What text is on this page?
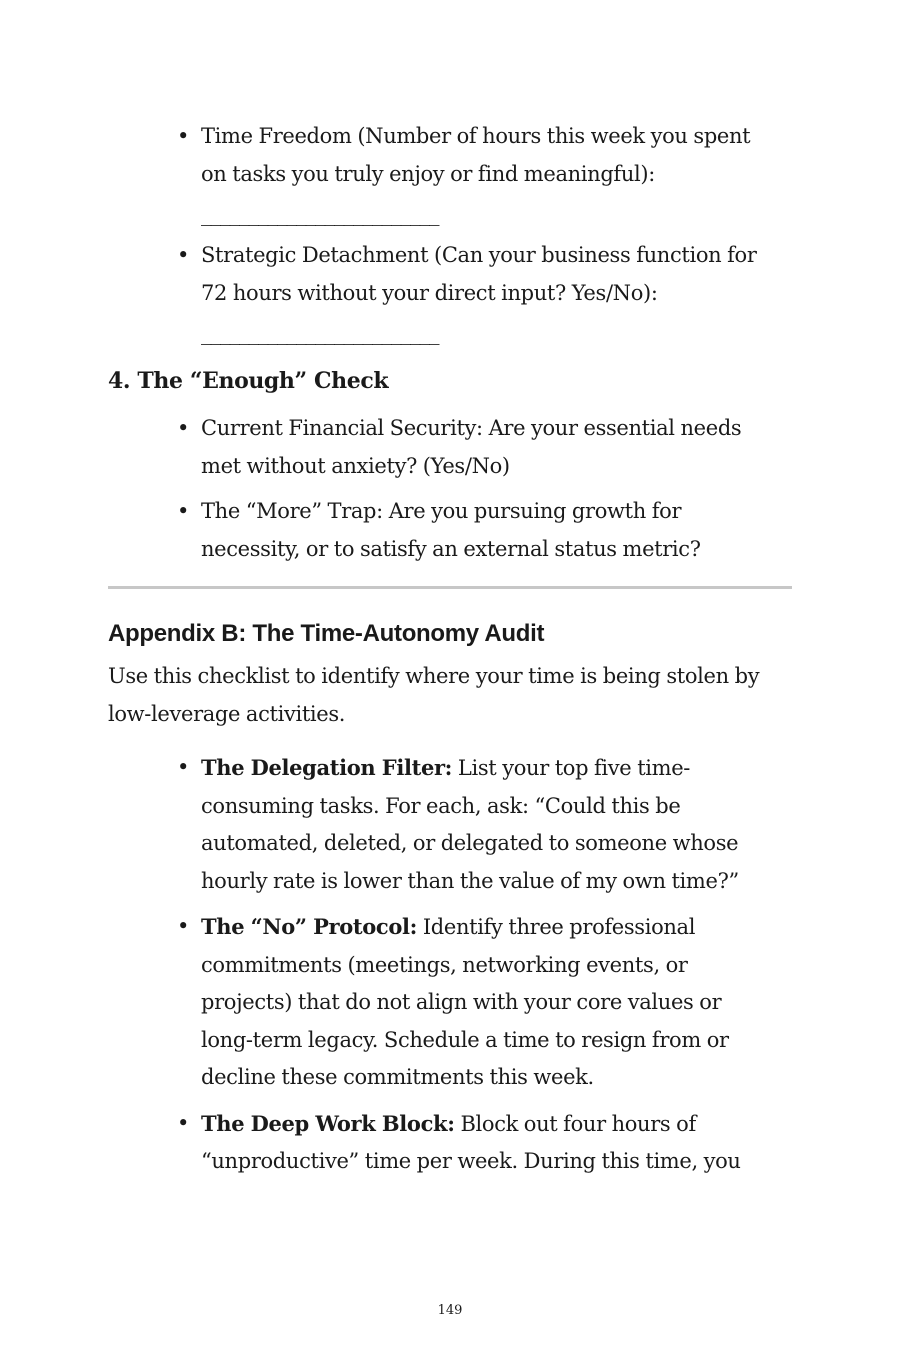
• Time Freedom (Number of hours this week you spent
on tasks you truly enjoy or find meaningful):
_________________________
• Strategic Detachment (Can your business function for
72 hours without your direct input? Yes/No):
_________________________
4. The “Enough” Check
• Current Financial Security: Are your essential needs
met without anxiety? (Yes/No)
• The “More” Trap: Are you pursuing growth for
necessity, or to satisfy an external status metric?
Appendix B: The Time-Autonomy Audit

Use this checklist to identify where your time is being stolen by
low-leverage activities.

• The Delegation Filter: List your top five time-
consuming tasks. For each, ask: “Could this be
automated, deleted, or delegated to someone whose
hourly rate is lower than the value of my own time?”
• The “No” Protocol: Identify three professional
commitments (meetings, networking events, or
projects) that do not align with your core values or
long-term legacy. Schedule a time to resign from or
decline these commitments this week.
• The Deep Work Block: Block out four hours of
“unproductive” time per week. During this time, you
149
